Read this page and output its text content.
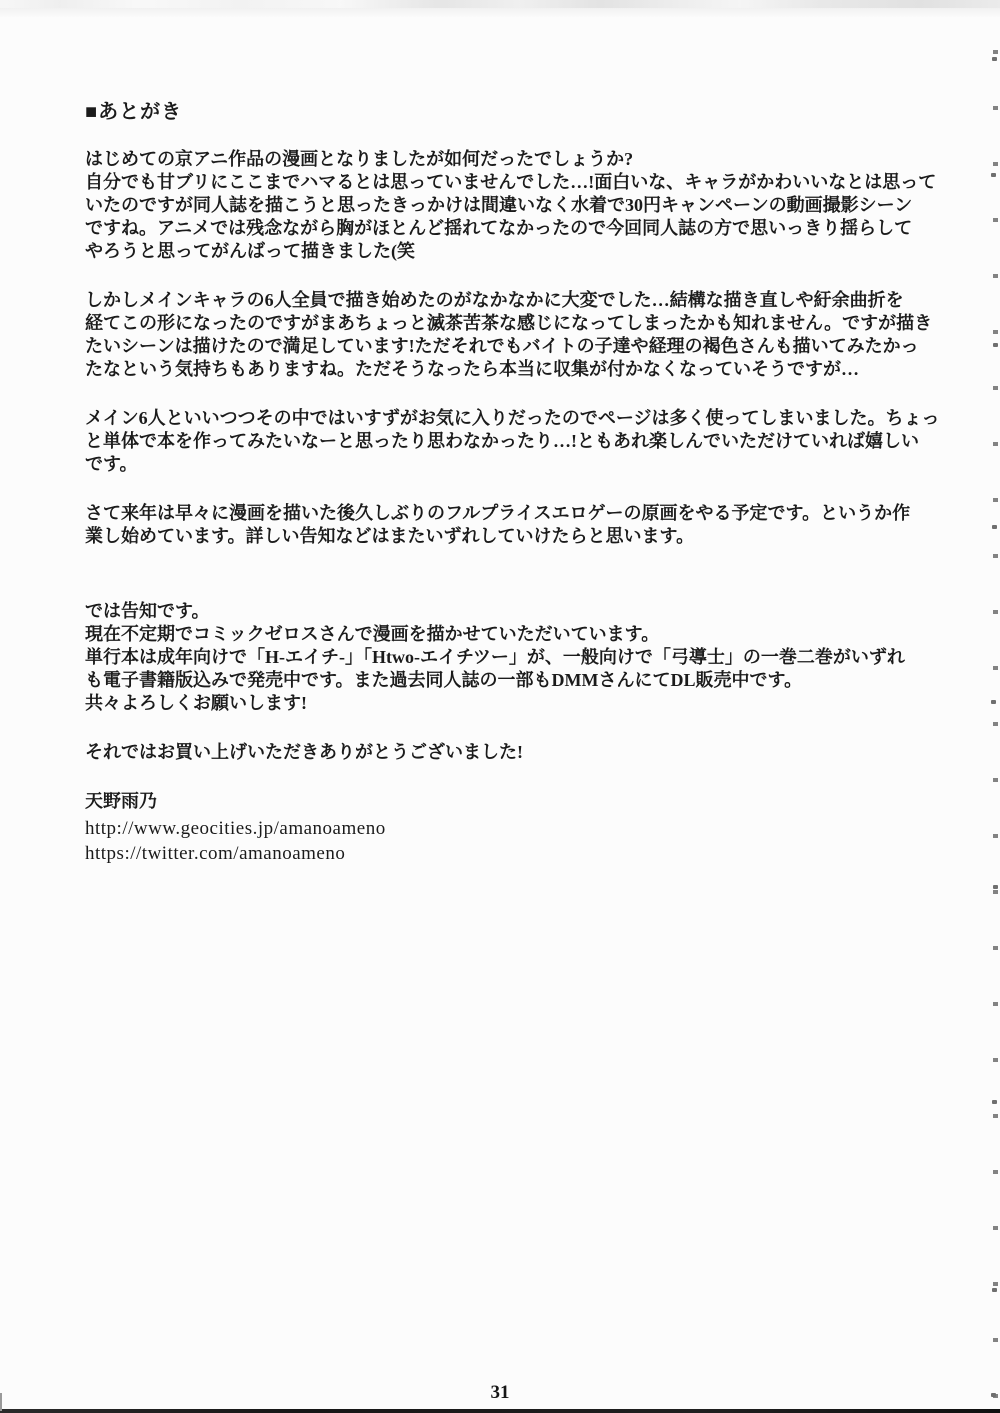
■あとがき
はじめての京アニ作品の漫画となりましたが如何だったでしょうか?
自分でも甘ブリにここまでハマるとは思っていませんでした…!面白いな、キャラがかわいいなとは思って
いたのですが同人誌を描こうと思ったきっかけは間違いなく水着で30円キャンペーンの動画撮影シーン
ですね。アニメでは残念ながら胸がほとんど揺れてなかったので今回同人誌の方で思いっきり揺らして
やろうと思ってがんばって描きました(笑
しかしメインキャラの6人全員で描き始めたのがなかなかに大変でした…結構な描き直しや紆余曲折を
経てこの形になったのですがまあちょっと滅茶苦茶な感じになってしまったかも知れません。ですが描き
たいシーンは描けたので満足しています!ただそれでもバイトの子達や経理の褐色さんも描いてみたかっ
たなという気持ちもありますね。ただそうなったら本当に収集が付かなくなっていそうですが…
メイン6人といいつつその中ではいすずがお気に入りだったのでページは多く使ってしまいました。ちょっ
と単体で本を作ってみたいなーと思ったり思わなかったり…!ともあれ楽しんでいただけていれば嬉しい
です。
さて来年は早々に漫画を描いた後久しぶりのフルプライスエロゲーの原画をやる予定です。というか作
業し始めています。詳しい告知などはまたいずれしていけたらと思います。
では告知です。
現在不定期でコミックゼロスさんで漫画を描かせていただいています。
単行本は成年向けで「H-エイチ-」「Htwo-エイチツー」が、一般向けで「弓導士」の一巻二巻がいずれ
も電子書籍版込みで発売中です。また過去同人誌の一部もDMMさんにてDL販売中です。
共々よろしくお願いします!
それではお買い上げいただきありがとうございました!
天野雨乃
http://www.geocities.jp/amanoameno
https://twitter.com/amanoameno
31
